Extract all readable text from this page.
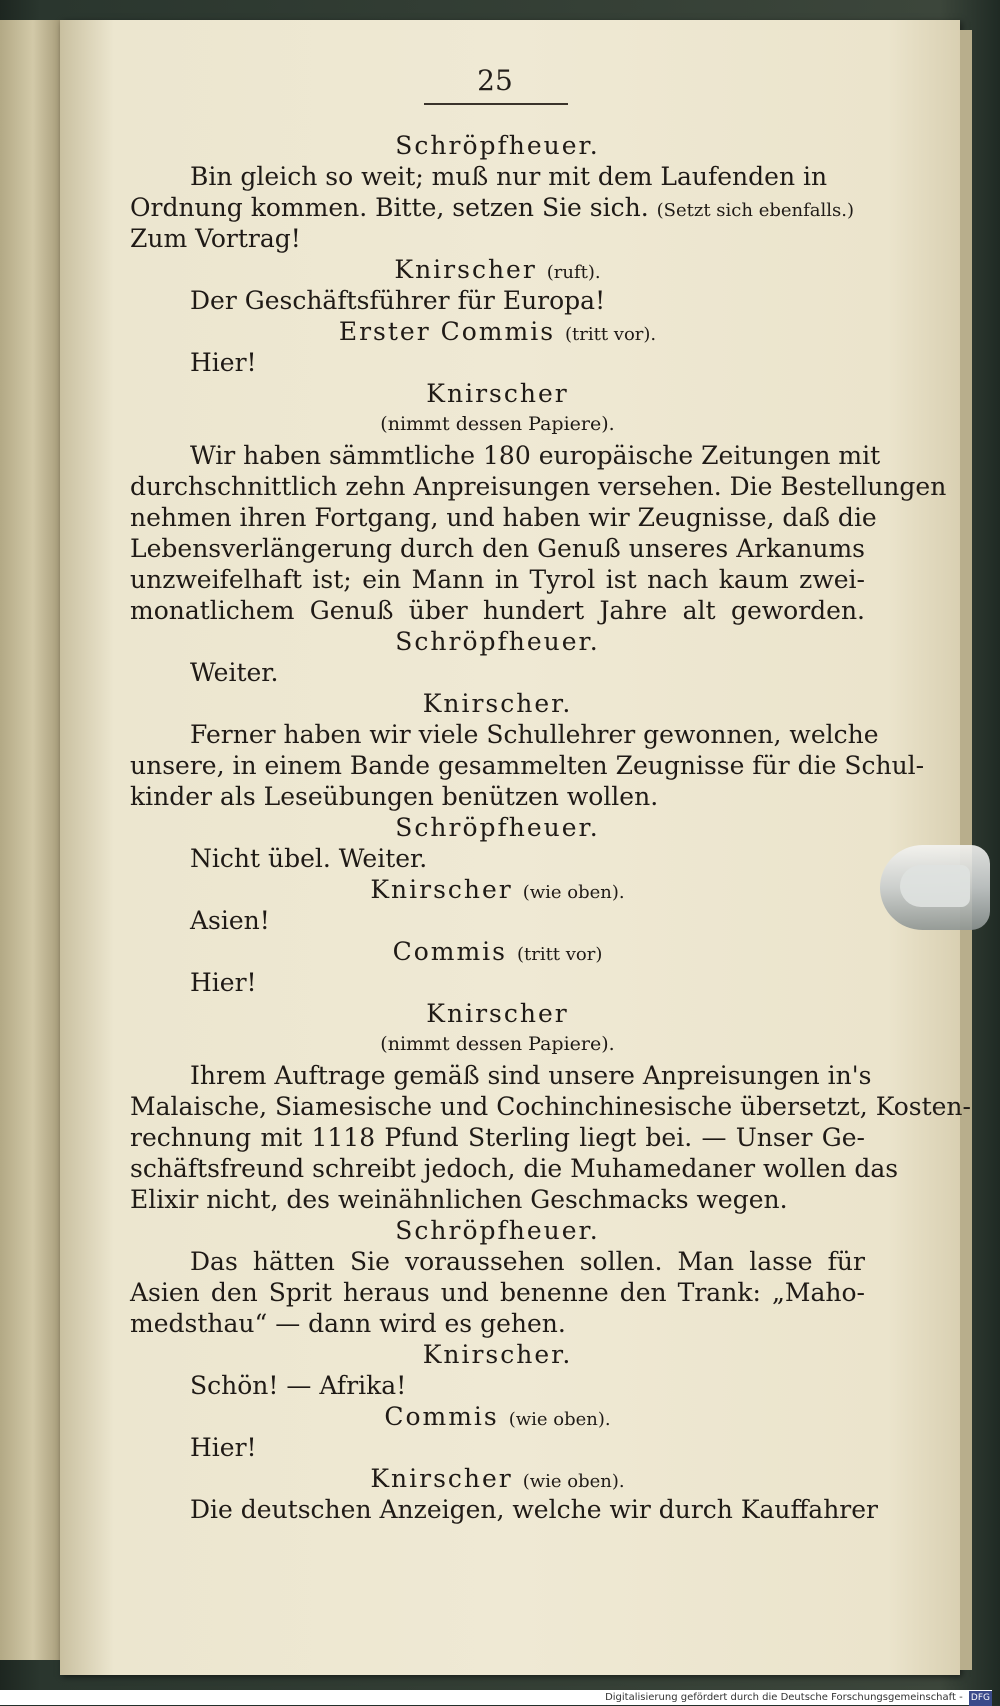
25
Schröpfheuer.
Bin gleich so weit; muß nur mit dem Laufenden in
Ordnung kommen. Bitte, setzen Sie sich. (Setzt sich ebenfalls.)
Zum Vortrag!
Knirscher (ruft).
Der Geschäftsführer für Europa!
Erster Commis (tritt vor).
Hier!
Knirscher
(nimmt dessen Papiere).
Wir haben sämmtliche 180 europäische Zeitungen mit
durchschnittlich zehn Anpreisungen versehen. Die Bestellungen
nehmen ihren Fortgang, und haben wir Zeugnisse, daß die
Lebensverlängerung durch den Genuß unseres Arkanums
unzweifelhaft ist; ein Mann in Tyrol ist nach kaum zwei-
monatlichem Genuß über hundert Jahre alt geworden.
Schröpfheuer.
Weiter.
Knirscher.
Ferner haben wir viele Schullehrer gewonnen, welche
unsere, in einem Bande gesammelten Zeugnisse für die Schul-
kinder als Leseübungen benützen wollen.
Schröpfheuer.
Nicht übel. Weiter.
Knirscher (wie oben).
Asien!
Commis (tritt vor)
Hier!
Knirscher
(nimmt dessen Papiere).
Ihrem Auftrage gemäß sind unsere Anpreisungen in's
Malaische, Siamesische und Cochinchinesische übersetzt, Kosten-
rechnung mit 1118 Pfund Sterling liegt bei. — Unser Ge-
schäftsfreund schreibt jedoch, die Muhamedaner wollen das
Elixir nicht, des weinähnlichen Geschmacks wegen.
Schröpfheuer.
Das hätten Sie voraussehen sollen. Man lasse für
Asien den Sprit heraus und benenne den Trank: „Maho-
medsthau“ — dann wird es gehen.
Knirscher.
Schön! — Afrika!
Commis (wie oben).
Hier!
Knirscher (wie oben).
Die deutschen Anzeigen, welche wir durch Kauffahrer
Digitalisierung gefördert durch die Deutsche Forschungsgemeinschaft - DFG
